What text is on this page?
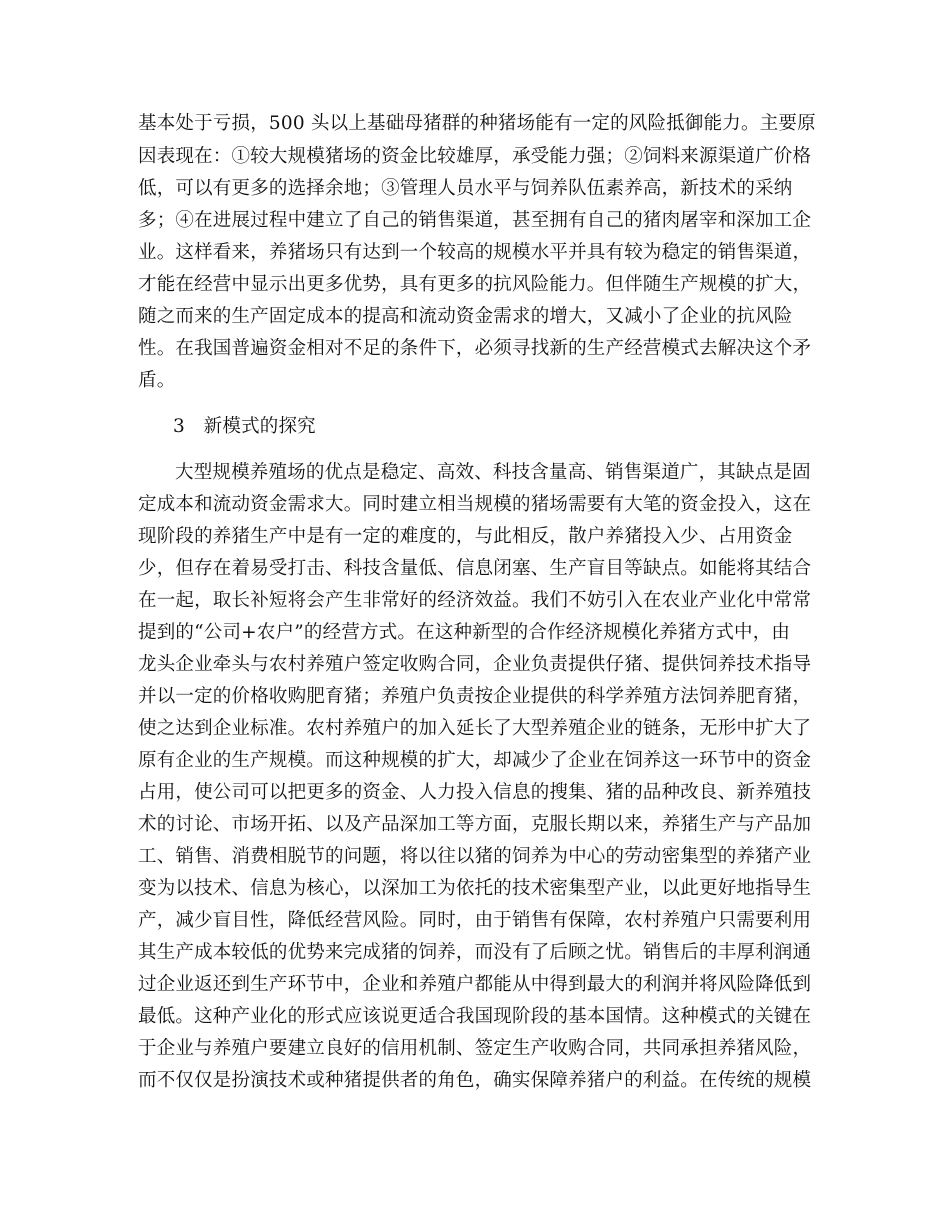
基本处于亏损，500 头以上基础母猪群的种猪场能有一定的风险抵御能力。主要原
因表现在：①较大规模猪场的资金比较雄厚，承受能力强；②饲料来源渠道广价格
低，可以有更多的选择余地；③管理人员水平与饲养队伍素养高，新技术的采纳
多；④在进展过程中建立了自己的销售渠道，甚至拥有自己的猪肉屠宰和深加工企
业。这样看来，养猪场只有达到一个较高的规模水平并具有较为稳定的销售渠道，
才能在经营中显示出更多优势，具有更多的抗风险能力。但伴随生产规模的扩大，
随之而来的生产固定成本的提高和流动资金需求的增大，又减小了企业的抗风险
性。在我国普遍资金相对不足的条件下，必须寻找新的生产经营模式去解决这个矛
盾。
3　新模式的探究
大型规模养殖场的优点是稳定、高效、科技含量高、销售渠道广，其缺点是固
定成本和流动资金需求大。同时建立相当规模的猪场需要有大笔的资金投入，这在
现阶段的养猪生产中是有一定的难度的，与此相反，散户养猪投入少、占用资金
少，但存在着易受打击、科技含量低、信息闭塞、生产盲目等缺点。如能将其结合
在一起，取长补短将会产生非常好的经济效益。我们不妨引入在农业产业化中常常
提到的“公司+农户”的经营方式。在这种新型的合作经济规模化养猪方式中，由
龙头企业牵头与农村养殖户签定收购合同，企业负责提供仔猪、提供饲养技术指导
并以一定的价格收购肥育猪；养殖户负责按企业提供的科学养殖方法饲养肥育猪，
使之达到企业标准。农村养殖户的加入延长了大型养殖企业的链条，无形中扩大了
原有企业的生产规模。而这种规模的扩大，却减少了企业在饲养这一环节中的资金
占用，使公司可以把更多的资金、人力投入信息的搜集、猪的品种改良、新养殖技
术的讨论、市场开拓、以及产品深加工等方面，克服长期以来，养猪生产与产品加
工、销售、消费相脱节的问题，将以往以猪的饲养为中心的劳动密集型的养猪产业
变为以技术、信息为核心，以深加工为依托的技术密集型产业，以此更好地指导生
产，减少盲目性，降低经营风险。同时，由于销售有保障，农村养殖户只需要利用
其生产成本较低的优势来完成猪的饲养，而没有了后顾之忧。销售后的丰厚利润通
过企业返还到生产环节中，企业和养殖户都能从中得到最大的利润并将风险降低到
最低。这种产业化的形式应该说更适合我国现阶段的基本国情。这种模式的关键在
于企业与养殖户要建立良好的信用机制、签定生产收购合同，共同承担养猪风险，
而不仅仅是扮演技术或种猪提供者的角色，确实保障养猪户的利益。在传统的规模
